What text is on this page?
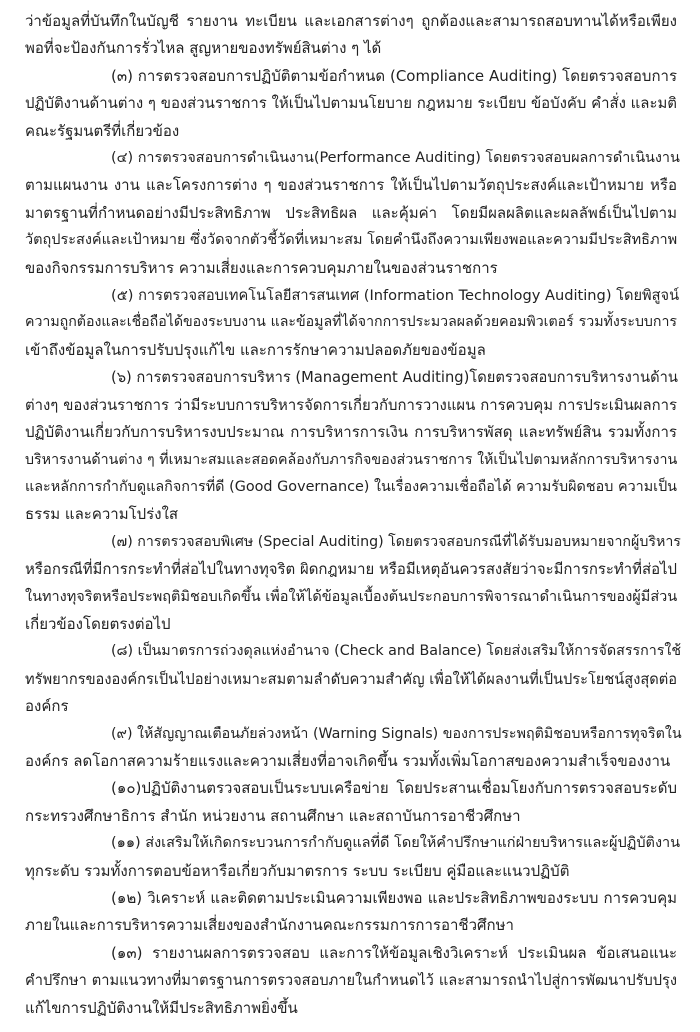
ว่าข้อมูลที่บันทึกในบัญชี รายงาน ทะเบียน และเอกสารต่างๆ ถูกต้องและสามารถสอบทานได้หรือเพียง
พอที่จะป้องกันการรั่วไหล สูญหายของทรัพย์สินต่าง ๆ ได้

(๓) การตรวจสอบการปฏิบัติตามข้อกำหนด (Compliance Auditing) โดยตรวจสอบการ
ปฏิบัติงานด้านต่าง ๆ ของส่วนราชการ ให้เป็นไปตามนโยบาย กฎหมาย ระเบียบ ข้อบังคับ คำสั่ง และมติ
คณะรัฐมนตรีที่เกี่ยวข้อง

(๔) การตรวจสอบการดำเนินงาน(Performance Auditing) โดยตรวจสอบผลการดำเนินงาน
ตามแผนงาน งาน และโครงการต่าง ๆ ของส่วนราชการ ให้เป็นไปตามวัตถุประสงค์และเป้าหมาย หรือ
มาตรฐานที่กำหนดอย่างมีประสิทธิภาพ ประสิทธิผล และคุ้มค่า โดยมีผลผลิตและผลลัพธ์เป็นไปตาม
วัตถุประสงค์และเป้าหมาย ซึ่งวัดจากตัวชี้วัดที่เหมาะสม โดยคำนึงถึงความเพียงพอและความมีประสิทธิภาพ
ของกิจกรรมการบริหาร ความเสี่ยงและการควบคุมภายในของส่วนราชการ

(๕) การตรวจสอบเทคโนโลยีสารสนเทศ (Information Technology Auditing) โดยพิสูจน์
ความถูกต้องและเชื่อถือได้ของระบบงาน และข้อมูลที่ได้จากการประมวลผลด้วยคอมพิวเตอร์ รวมทั้งระบบการ
เข้าถึงข้อมูลในการปรับปรุงแก้ไข และการรักษาความปลอดภัยของข้อมูล

(๖) การตรวจสอบการบริหาร (Management Auditing)โดยตรวจสอบการบริหารงานด้าน
ต่างๆ ของส่วนราชการ ว่ามีระบบการบริหารจัดการเกี่ยวกับการวางแผน การควบคุม การประเมินผลการ
ปฏิบัติงานเกี่ยวกับการบริหารงบประมาณ การบริหารการเงิน การบริหารพัสดุ และทรัพย์สิน รวมทั้งการ
บริหารงานด้านต่าง ๆ ที่เหมาะสมและสอดคล้องกับภารกิจของส่วนราชการ ให้เป็นไปตามหลักการบริหารงาน
และหลักการกำกับดูแลกิจการที่ดี (Good Governance) ในเรื่องความเชื่อถือได้ ความรับผิดชอบ ความเป็น
ธรรม และความโปร่งใส

(๗) การตรวจสอบพิเศษ (Special Auditing) โดยตรวจสอบกรณีที่ได้รับมอบหมายจากผู้บริหาร
หรือกรณีที่มีการกระทำที่ส่อไปในทางทุจริต ผิดกฎหมาย หรือมีเหตุอันควรสงสัยว่าจะมีการกระทำที่ส่อไป
ในทางทุจริตหรือประพฤติมิชอบเกิดขึ้น เพื่อให้ได้ข้อมูลเบื้องต้นประกอบการพิจารณาดำเนินการของผู้มีส่วน
เกี่ยวข้องโดยตรงต่อไป

(๘) เป็นมาตรการถ่วงดุลแห่งอำนาจ (Check and Balance) โดยส่งเสริมให้การจัดสรรการใช้
ทรัพยากรขององค์กรเป็นไปอย่างเหมาะสมตามลำดับความสำคัญ เพื่อให้ได้ผลงานที่เป็นประโยชน์สูงสุดต่อ
องค์กร

(๙) ให้สัญญาณเตือนภัยล่วงหน้า (Warning Signals) ของการประพฤติมิชอบหรือการทุจริตใน
องค์กร ลดโอกาสความร้ายแรงและความเสี่ยงที่อาจเกิดขึ้น รวมทั้งเพิ่มโอกาสของความสำเร็จของงาน

(๑๐)ปฏิบัติงานตรวจสอบเป็นระบบเครือข่าย โดยประสานเชื่อมโยงกับการตรวจสอบระดับ
กระทรวงศึกษาธิการ สำนัก หน่วยงาน สถานศึกษา และสถาบันการอาชีวศึกษา

(๑๑) ส่งเสริมให้เกิดกระบวนการกำกับดูแลที่ดี โดยให้คำปรึกษาแก่ฝ่ายบริหารและผู้ปฏิบัติงาน
ทุกระดับ รวมทั้งการตอบข้อหารือเกี่ยวกับมาตรการ ระบบ ระเบียบ คู่มือและแนวปฏิบัติ

(๑๒) วิเคราะห์ และติดตามประเมินความเพียงพอ และประสิทธิภาพของระบบ การควบคุม
ภายในและการบริหารความเสี่ยงของสำนักงานคณะกรรมการการอาชีวศึกษา

(๑๓) รายงานผลการตรวจสอบ และการให้ข้อมูลเชิงวิเคราะห์ ประเมินผล ข้อเสนอแนะ
คำปรึกษา ตามแนวทางที่มาตรฐานการตรวจสอบภายในกำหนดไว้ และสามารถนำไปสู่การพัฒนาปรับปรุง
แก้ไขการปฏิบัติงานให้มีประสิทธิภาพยิ่งขึ้น
